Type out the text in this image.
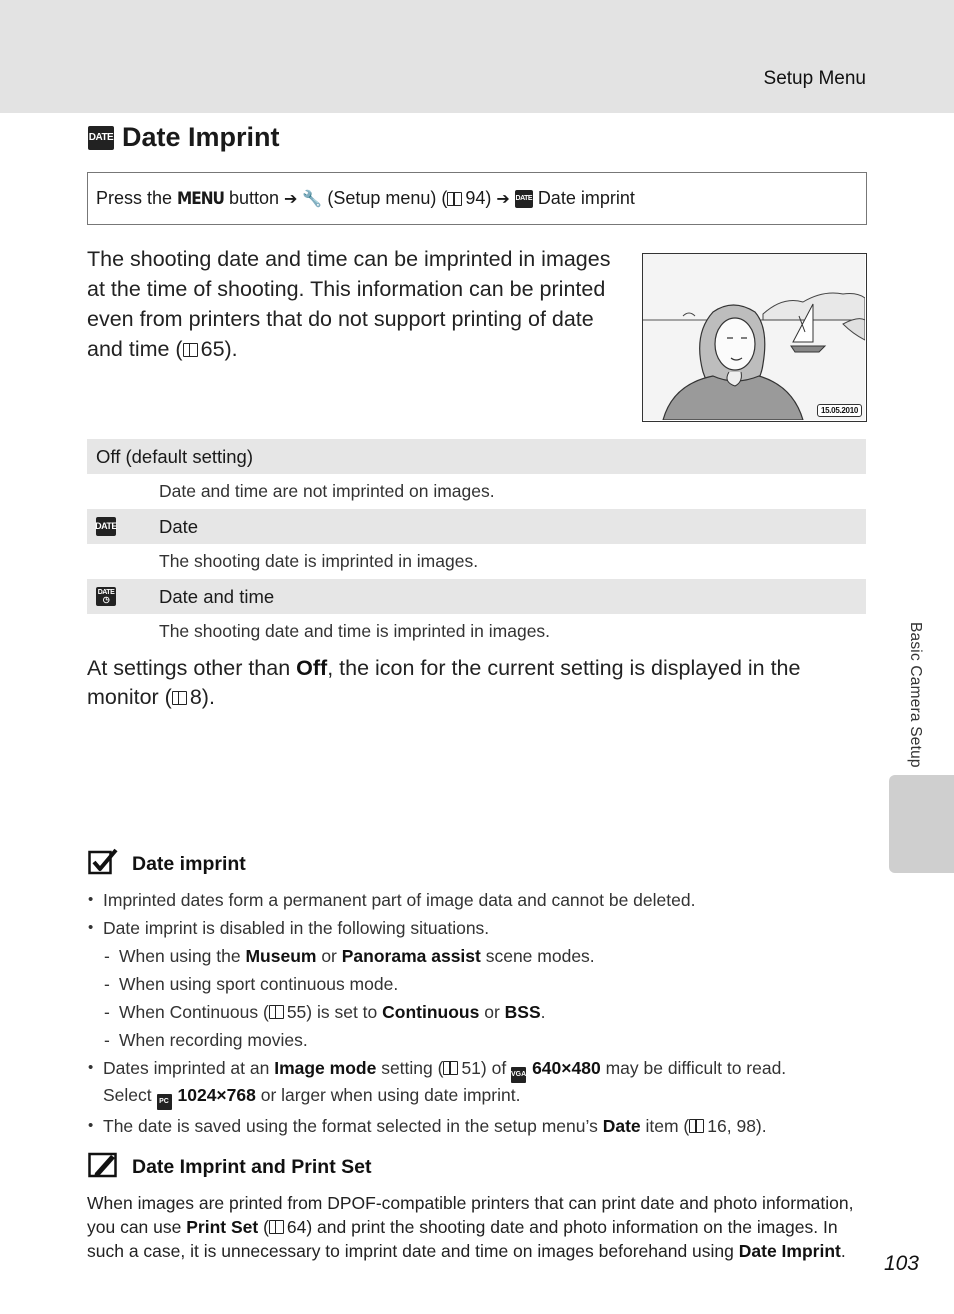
Setup Menu
DATE Date Imprint
Press the MENU button ➔ 🔧 (Setup menu) ( 94) ➔ DATE Date imprint
The shooting date and time can be imprinted in images at the time of shooting. This information can be printed even from printers that do not support printing of date and time ( 65).
15.05.2010
Off (default setting)
Date and time are not imprinted on images.
DATE Date
The shooting date is imprinted in images.
DATE
◷	Date and time
The shooting date and time is imprinted in images.
At settings other than Off, the icon for the current setting is displayed in the monitor ( 8).
Date imprint
• Imprinted dates form a permanent part of image data and cannot be deleted.
• Date imprint is disabled in the following situations.
- When using the Museum or Panorama assist scene modes.
- When using sport continuous mode.
- When Continuous ( 55) is set to Continuous or BSS.
- When recording movies.
• Dates imprinted at an Image mode setting ( 51) of VGA 640×480 may be difficult to read.
Select PC 1024×768 or larger when using date imprint.
• The date is saved using the format selected in the setup menu’s Date item ( 16, 98).
Date Imprint and Print Set
When images are printed from DPOF-compatible printers that can print date and photo information, you can use Print Set ( 64) and print the shooting date and photo information on the images. In such a case, it is unnecessary to imprint date and time on images beforehand using Date Imprint.
Basic Camera Setup
103
